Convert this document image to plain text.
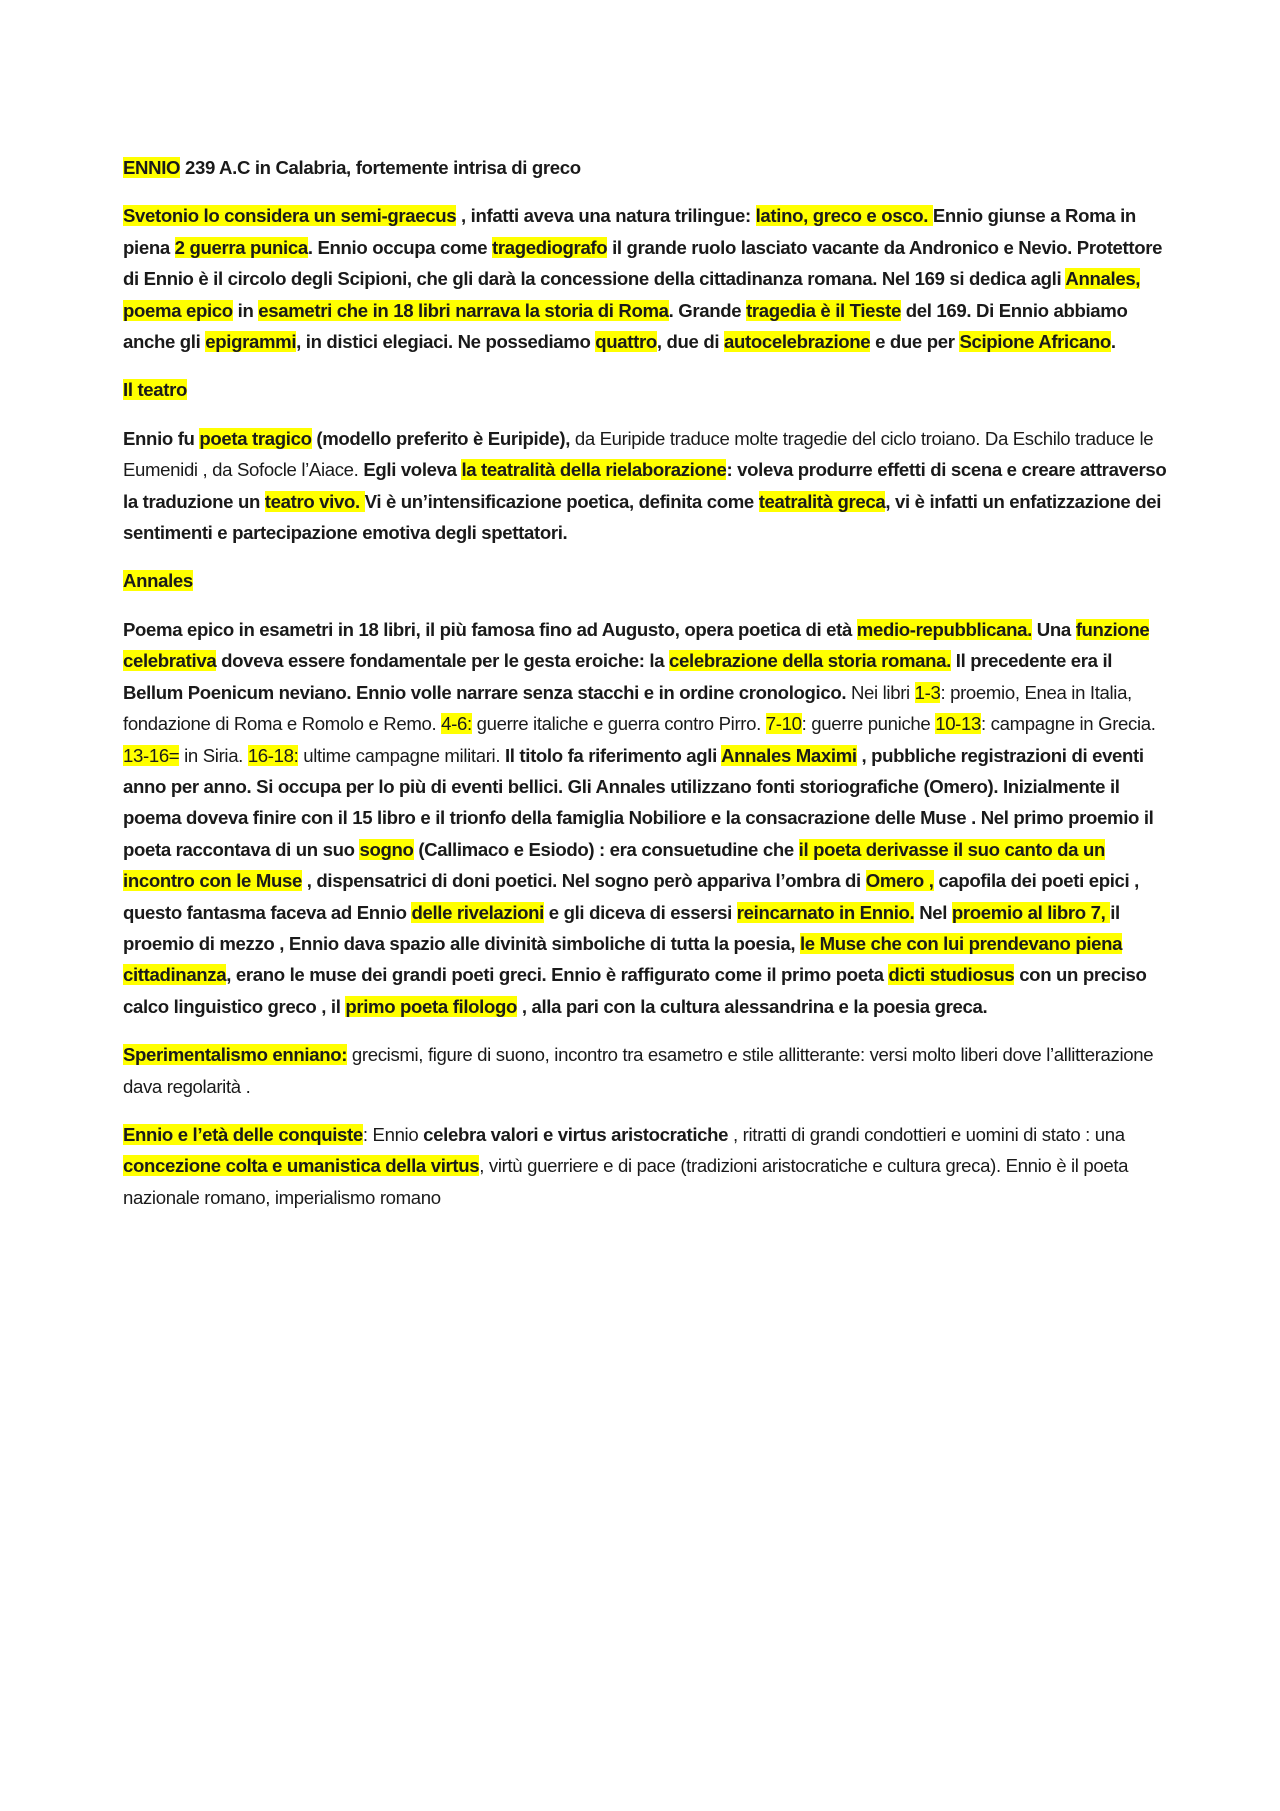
ENNIO 239 A.C in Calabria, fortemente intrisa di greco

Svetonio lo considera un semi-graecus , infatti aveva una natura trilingue: latino, greco e osco. Ennio giunse a Roma in piena 2 guerra punica. Ennio occupa come tragediografo il grande ruolo lasciato vacante da Andronico e Nevio. Protettore di Ennio è il circolo degli Scipioni, che gli darà la concessione della cittadinanza romana. Nel 169 si dedica agli Annales, poema epico in esametri che in 18 libri narrava la storia di Roma. Grande tragedia è il Tieste del 169. Di Ennio abbiamo anche gli epigrammi, in distici elegiaci. Ne possediamo quattro, due di autocelebrazione e due per Scipione Africano.

Il teatro

Ennio fu poeta tragico (modello preferito è Euripide), da Euripide traduce molte tragedie del ciclo troiano. Da Eschilo traduce le Eumenidi , da Sofocle l’Aiace. Egli voleva la teatralità della rielaborazione: voleva produrre effetti di scena e creare attraverso la traduzione un teatro vivo. Vi è un’intensificazione poetica, definita come teatralità greca, vi è infatti un enfatizzazione dei sentimenti e partecipazione emotiva degli spettatori.

Annales

Poema epico in esametri in 18 libri, il più famosa fino ad Augusto, opera poetica di età medio-repubblicana. Una funzione celebrativa doveva essere fondamentale per le gesta eroiche: la celebrazione della storia romana. Il precedente era il Bellum Poenicum neviano. Ennio volle narrare senza stacchi e in ordine cronologico. Nei libri 1-3: proemio, Enea in Italia, fondazione di Roma e Romolo e Remo. 4-6: guerre italiche e guerra contro Pirro. 7-10: guerre puniche 10-13: campagne in Grecia. 13-16= in Siria. 16-18: ultime campagne militari. Il titolo fa riferimento agli Annales Maximi , pubbliche registrazioni di eventi anno per anno. Si occupa per lo più di eventi bellici. Gli Annales utilizzano fonti storiografiche (Omero). Inizialmente il poema doveva finire con il 15 libro e il trionfo della famiglia Nobiliore e la consacrazione delle Muse . Nel primo proemio il poeta raccontava di un suo sogno (Callimaco e Esiodo) : era consuetudine che il poeta derivasse il suo canto da un incontro con le Muse , dispensatrici di doni poetici. Nel sogno però appariva l’ombra di Omero , capofila dei poeti epici , questo fantasma faceva ad Ennio delle rivelazioni e gli diceva di essersi reincarnato in Ennio. Nel proemio al libro 7, il proemio di mezzo , Ennio dava spazio alle divinità simboliche di tutta la poesia, le Muse che con lui prendevano piena cittadinanza, erano le muse dei grandi poeti greci. Ennio è raffigurato come il primo poeta dicti studiosus con un preciso calco linguistico greco , il primo poeta filologo , alla pari con la cultura alessandrina e la poesia greca.

Sperimentalismo enniano: grecismi, figure di suono, incontro tra esametro e stile allitterante: versi molto liberi dove l’allitterazione dava regolarità .

Ennio e l’età delle conquiste: Ennio celebra valori e virtus aristocratiche , ritratti di grandi condottieri e uomini di stato : una concezione colta e umanistica della virtus, virtù guerriere e di pace (tradizioni aristocratiche e cultura greca). Ennio è il poeta nazionale romano, imperialismo romano
